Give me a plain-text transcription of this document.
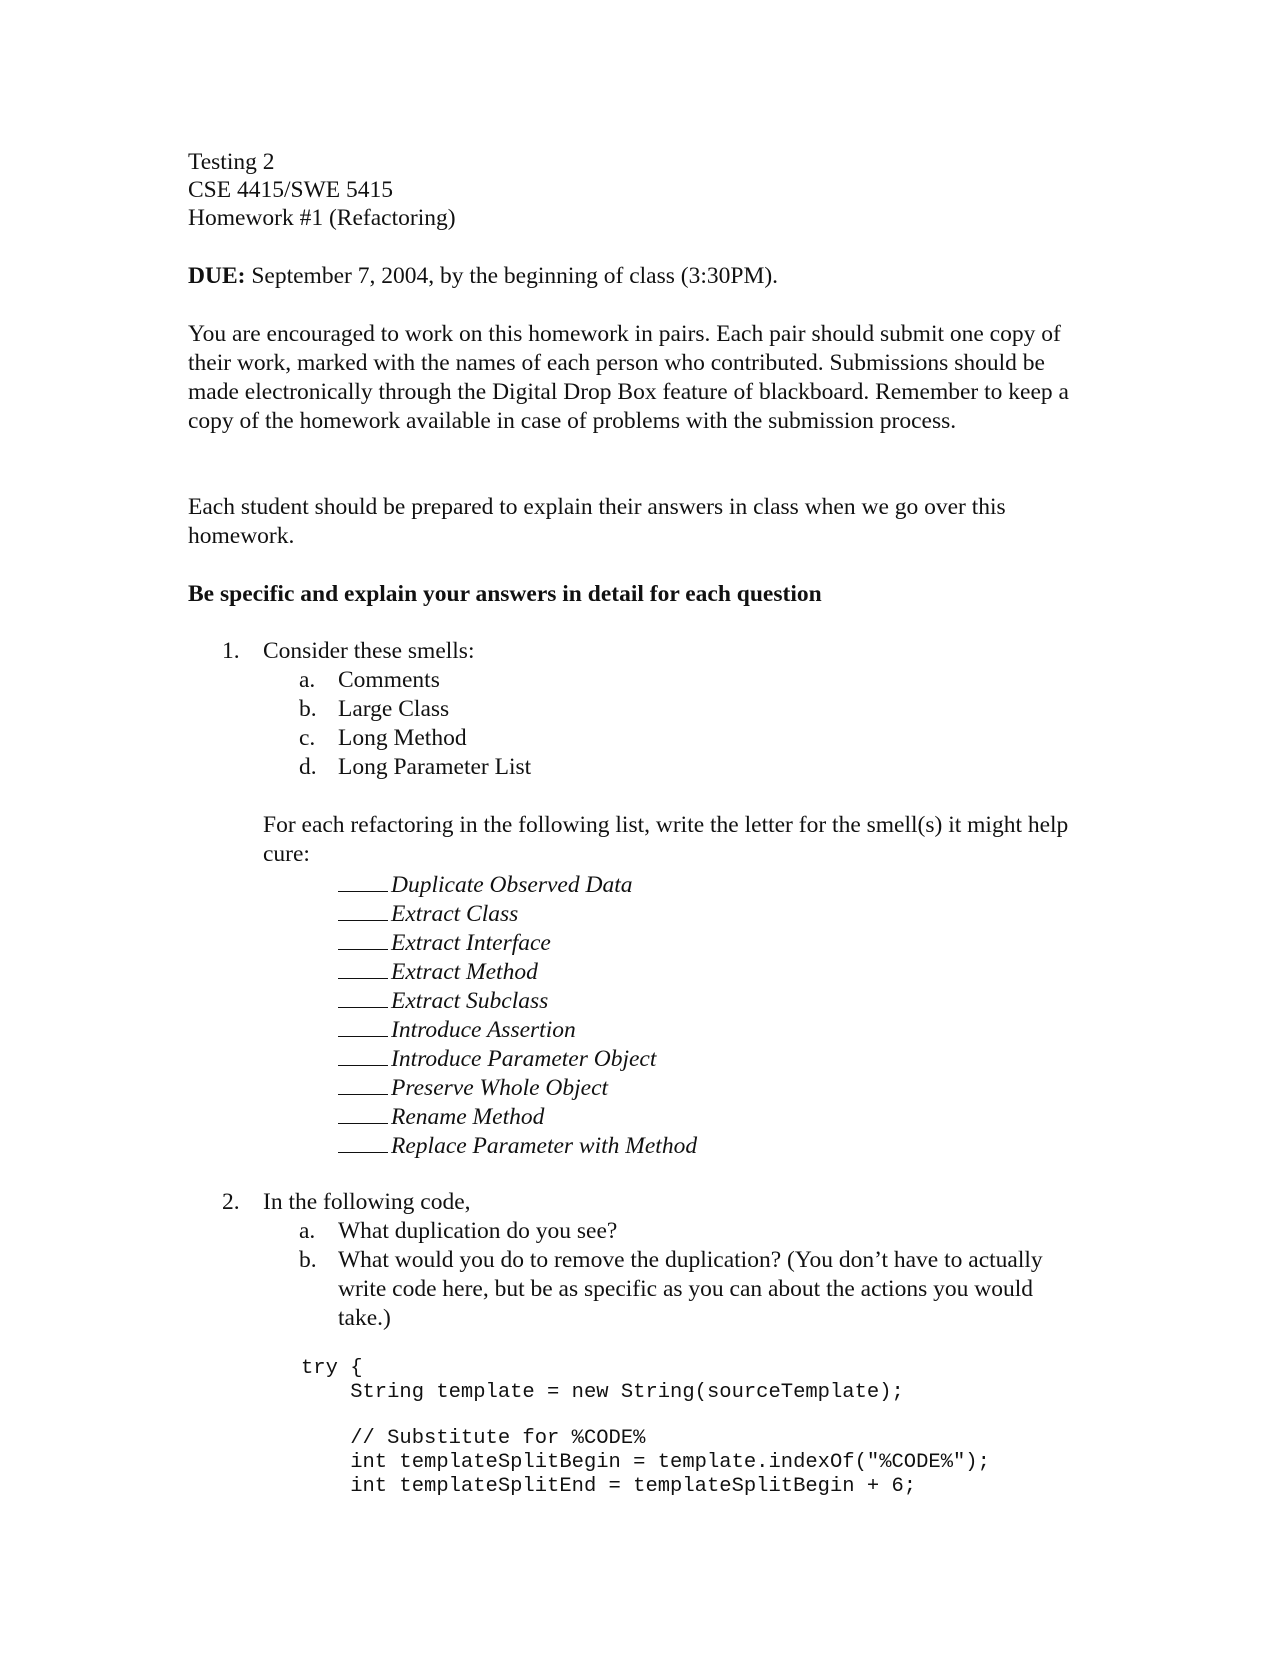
Testing 2
CSE 4415/SWE 5415
Homework #1 (Refactoring)
DUE: September 7, 2004, by the beginning of class (3:30PM).
You are encouraged to work on this homework in pairs. Each pair should submit one copy of their work, marked with the names of each person who contributed. Submissions should be made electronically through the Digital Drop Box feature of blackboard. Remember to keep a copy of the homework available in case of problems with the submission process.
Each student should be prepared to explain their answers in class when we go over this homework.
Be specific and explain your answers in detail for each question
1. Consider these smells:
a. Comments
b. Large Class
c. Long Method
d. Long Parameter List
For each refactoring in the following list, write the letter for the smell(s) it might help cure:
Duplicate Observed Data
Extract Class
Extract Interface
Extract Method
Extract Subclass
Introduce Assertion
Introduce Parameter Object
Preserve Whole Object
Rename Method
Replace Parameter with Method
2. In the following code,
a. What duplication do you see?
b. What would you do to remove the duplication? (You don’t have to actually write code here, but be as specific as you can about the actions you would take.)
try {
String template = new String(sourceTemplate);
// Substitute for %CODE%
int templateSplitBegin = template.indexOf("%CODE%");
int templateSplitEnd = templateSplitBegin + 6;
